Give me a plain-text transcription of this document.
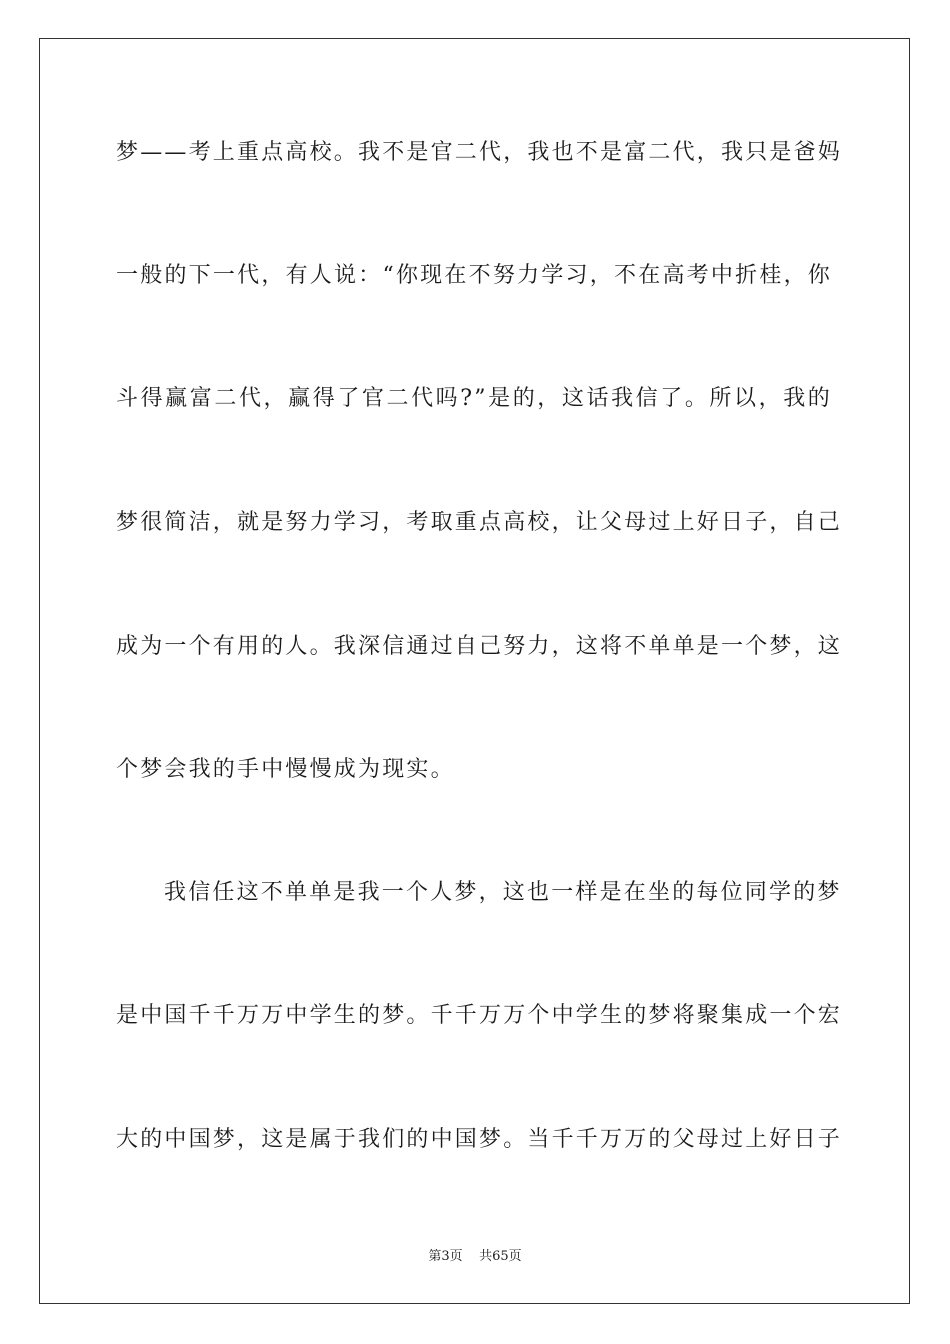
梦——考上重点高校。我不是官二代，我也不是富二代，我只是爸妈
一般的下一代，有人说：“你现在不努力学习，不在高考中折桂，你
斗得赢富二代，赢得了官二代吗?”是的，这话我信了。所以，我的
梦很简洁，就是努力学习，考取重点高校，让父母过上好日子，自己
成为一个有用的人。我深信通过自己努力，这将不单单是一个梦，这
个梦会我的手中慢慢成为现实。
我信任这不单单是我一个人梦，这也一样是在坐的每位同学的梦
是中国千千万万中学生的梦。千千万万个中学生的梦将聚集成一个宏
大的中国梦，这是属于我们的中国梦。当千千万万的父母过上好日子
第3页 共65页
